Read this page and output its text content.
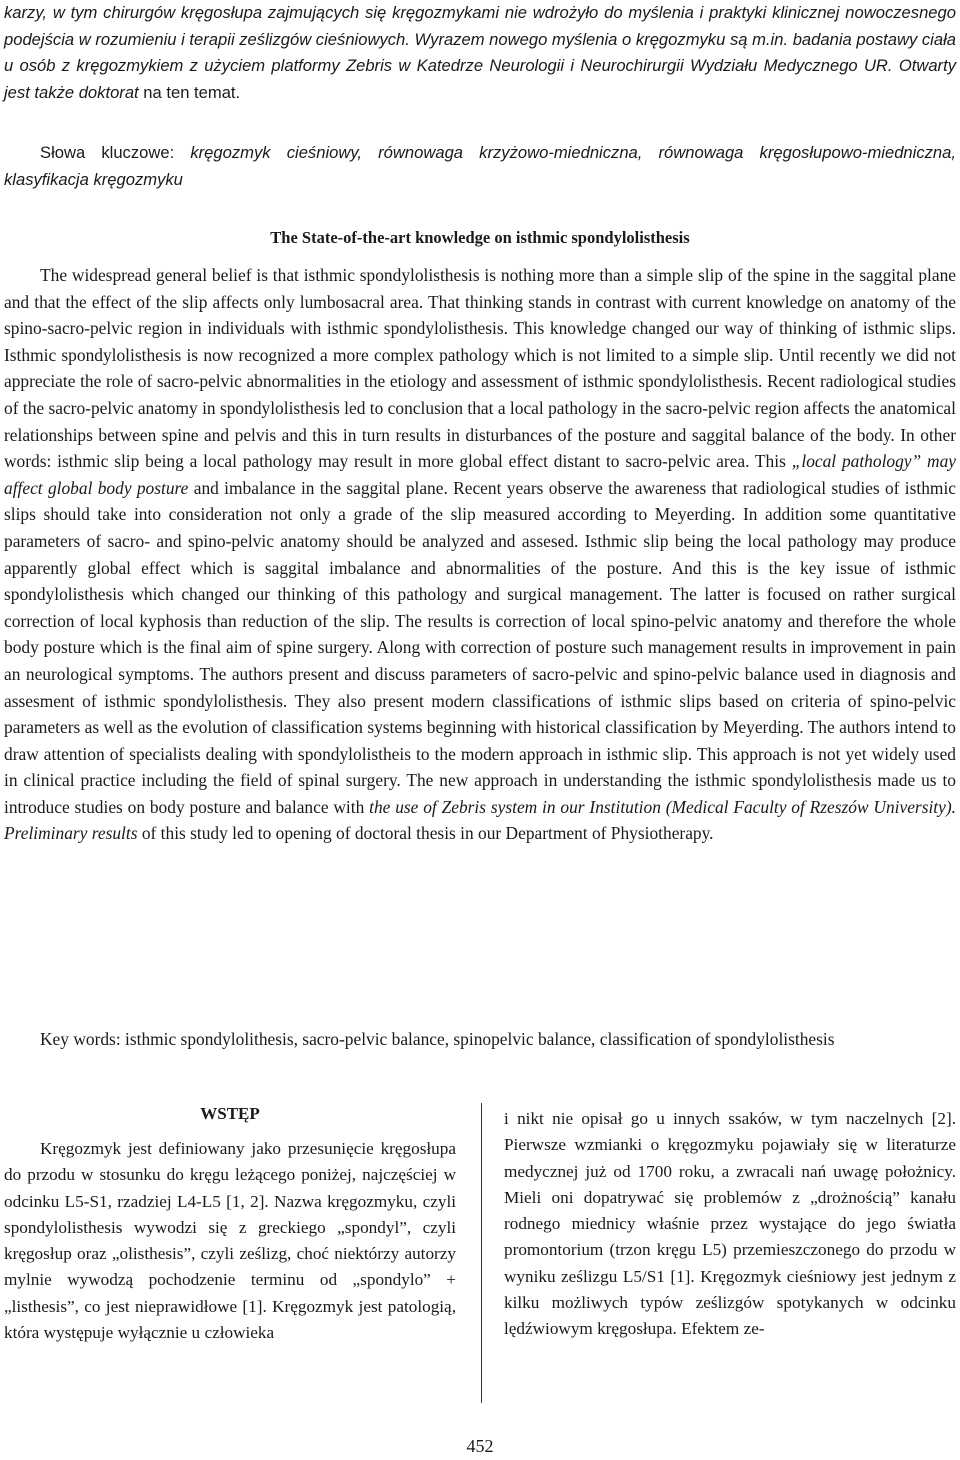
karzy, w tym chirurgów kręgosłupa zajmujących się kręgozmykami nie wdrożyło do myślenia i praktyki klinicznej nowoczesnego podejścia w rozumieniu i terapii ześlizgów cieśniowych. Wyrazem nowego myślenia o kręgozmyku są m.in. badania postawy ciała u osób z kręgozmykiem z użyciem platformy Zebris w Katedrze Neurologii i Neurochirurgii Wydziału Medycznego UR. Otwarty jest także doktorat na ten temat.

Słowa kluczowe: kręgozmyk cieśniowy, równowaga krzyżowo-miedniczna, równowaga kręgosłupowo-miedniczna, klasyfikacja kręgozmyku

The State-of-the-art knowledge on isthmic spondylolisthesis

The widespread general belief is that isthmic spondylolisthesis is nothing more than a simple slip of the spine in the saggital plane and that the effect of the slip affects only lumbosacral area. That thinking stands in contrast with current knowledge on anatomy of the spino-sacro-pelvic region in individuals with isthmic spondylolisthesis. This knowledge changed our way of thinking of isthmic slips. Isthmic spondylolisthesis is now recognized a more complex pathology which is not limited to a simple slip. Until recently we did not appreciate the role of sacro-pelvic abnormalities in the etiology and assessment of isthmic spondylolisthesis. Recent radiological studies of the sacro-pelvic anatomy in spondylolisthesis led to conclusion that a local pathology in the sacro-pelvic region affects the anatomical relationships between spine and pelvis and this in turn results in disturbances of the posture and saggital balance of the body. In other words: isthmic slip being a local pathology may result in more global effect distant to sacro-pelvic area. This „local pathology” may affect global body posture and imbalance in the saggital plane. Recent years observe the awareness that radiological studies of isthmic slips should take into consideration not only a grade of the slip measured according to Meyerding. In addition some quantitative parameters of sacro- and spino-pelvic anatomy should be analyzed and assesed. Isthmic slip being the local pathology may produce apparently global effect which is saggital imbalance and abnormalities of the posture. And this is the key issue of isthmic spondylolisthesis which changed our thinking of this pathology and surgical management. The latter is focused on rather surgical correction of local kyphosis than reduction of the slip. The results is correction of local spino-pelvic anatomy and therefore the whole body posture which is the final aim of spine surgery. Along with correction of posture such management results in improvement in pain an neurological symptoms. The authors present and discuss parameters of sacro-pelvic and spino-pelvic balance used in diagnosis and assesment of isthmic spondylolisthesis. They also present modern classifications of isthmic slips based on criteria of spino-pelvic parameters as well as the evolution of classification systems beginning with historical classification by Meyerding. The authors intend to draw attention of specialists dealing with spondylolistheis to the modern approach in isthmic slip. This approach is not yet widely used in clinical practice including the field of spinal surgery. The new approach in understanding the isthmic spondylolisthesis made us to introduce studies on body posture and balance with the use of Zebris system in our Institution (Medical Faculty of Rzeszów University). Preliminary results of this study led to opening of doctoral thesis in our Department of Physiotherapy.

Key words: isthmic spondylolithesis, sacro-pelvic balance, spinopelvic balance, classification of spondylolisthesis

WSTĘP

Kręgozmyk jest definiowany jako przesunięcie kręgosłupa do przodu w stosunku do kręgu leżącego poniżej, najczęściej w odcinku L5-S1, rzadziej L4-L5 [1, 2]. Nazwa kręgozmyku, czyli spondylolisthesis wywodzi się z greckiego „spondyl”, czyli kręgosłup oraz „olisthesis”, czyli ześlizg, choć niektórzy autorzy mylnie wywodzą pochodzenie terminu od „spondylo” + „listhesis”, co jest nieprawidłowe [1]. Kręgozmyk jest patologią, która występuje wyłącznie u człowieka

i nikt nie opisał go u innych ssaków, w tym naczelnych [2]. Pierwsze wzmianki o kręgozmyku pojawiały się w literaturze medycznej już od 1700 roku, a zwracali nań uwagę położnicy. Mieli oni dopatrywać się problemów z „drożnością” kanału rodnego miednicy właśnie przez wystające do jego światła promontorium (trzon kręgu L5) przemieszczonego do przodu w wyniku ześlizgu L5/S1 [1]. Kręgozmyk cieśniowy jest jednym z kilku możliwych typów ześlizgów spotykanych w odcinku lędźwiowym kręgosłupa. Efektem ze-

452
